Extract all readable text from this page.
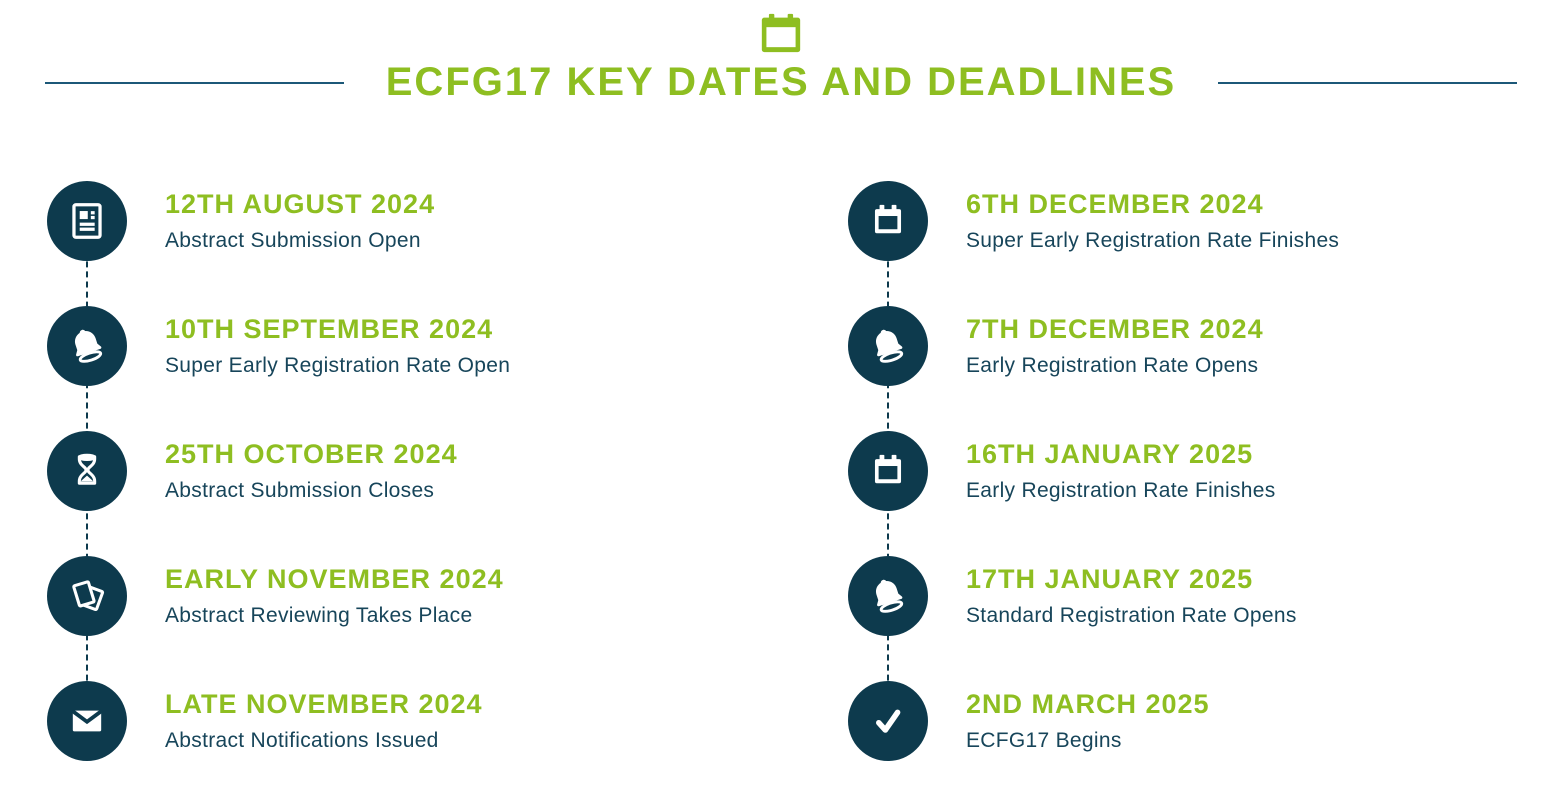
ECFG17 KEY DATES AND DEADLINES
12TH AUGUST 2024
Abstract Submission Open
10TH SEPTEMBER 2024
Super Early Registration Rate Open
25TH OCTOBER 2024
Abstract Submission Closes
EARLY NOVEMBER 2024
Abstract Reviewing Takes Place
LATE NOVEMBER 2024
Abstract Notifications Issued
6TH DECEMBER 2024
Super Early Registration Rate Finishes
7TH DECEMBER 2024
Early Registration Rate Opens
16TH JANUARY 2025
Early Registration Rate Finishes
17TH JANUARY 2025
Standard Registration Rate Opens
2ND MARCH 2025
ECFG17 Begins
